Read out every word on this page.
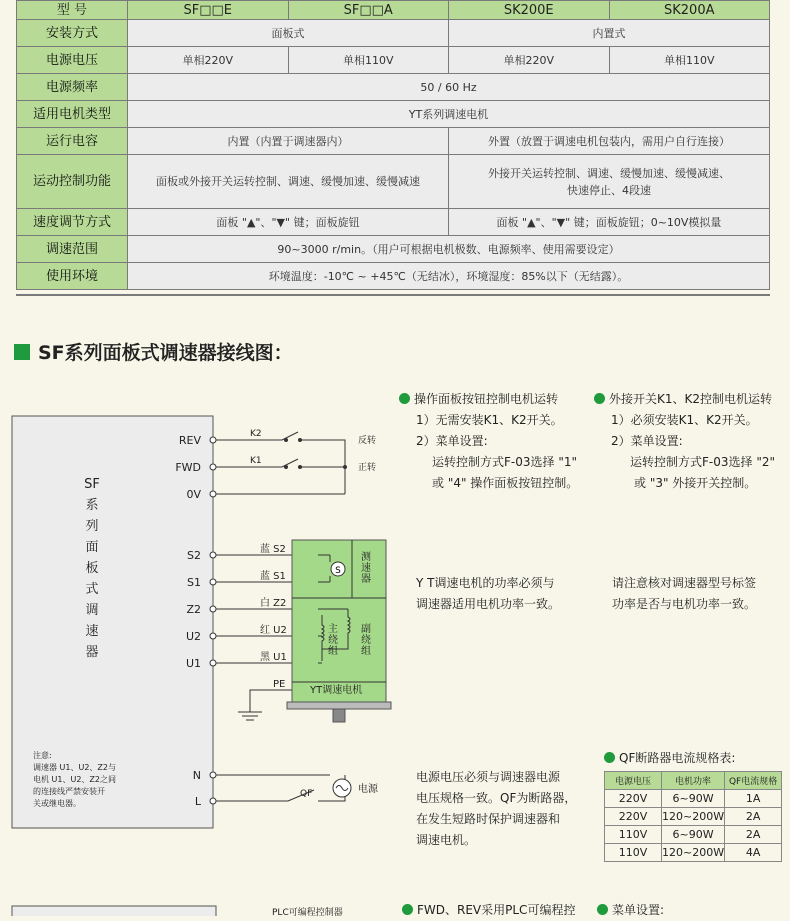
型 号	SF□□E	SF□□A	SK200E	SK200A
安装方式	面板式		内置式	
电源电压	单相220V	单相110V	单相220V	单相110V
电源频率	50 / 60 Hz			
适用电机类型	YT系列调速电机			
运行电容	内置（内置于调速器内）		外置（放置于调速电机包装内，需用户自行连接）	
运动控制功能	面板或外接开关运转控制、调速、缓慢加速、缓慢减速		外接开关运转控制、调速、缓慢加速、缓慢减速、
快速停止、4段速	

速度调节方式	面板 "▲"、"▼" 键；面板旋钮		面板 "▲"、"▼" 键；面板旋钮；0~10V模拟量	
调速范围	90~3000 r/min。（用户可根据电机极数、电源频率、使用需要设定）			
使用环境	环境温度：-10℃ ~ +45℃（无结冰），环境湿度：85%以下（无结露）。			
SF系列面板式调速器接线图：
SF
系
列
面
板
式
调
速
器
注意:
调速器 U1、U2、Z2与
电机 U1、U2、Z2之间
的连接线严禁安装开
关或继电器。
REV
FWD
0V
S2
S1
Z2
U2
U1
N
L
K2
K1
QF
反转
正转
电源
S
测
速
器
主
绕
组
副
绕
组
YT调速电机
蓝 S2
蓝 S1
白 Z2
红 U2
黑 U1
PE
PLC可编程控制器
操作面板按钮控制电机运转
1）无需安装K1、K2开关。
2）菜单设置:
运转控制方式F-03选择 "1"
或 "4" 操作面板按钮控制。
外接开关K1、K2控制电机运转
1）必须安装K1、K2开关。
2）菜单设置:
运转控制方式F-03选择 "2"
或 "3" 外接开关控制。
Y T调速电机的功率必须与
调速器适用电机功率一致。
请注意核对调速器型号标签
功率是否与电机功率一致。
电源电压必须与调速器电源
电压规格一致。QF为断路器，
在发生短路时保护调速器和
调速电机。
QF断路器电流规格表:
电源电压	电机功率	QF电流规格
220V	6~90W	1A
220V	120~200W	2A
110V	6~90W	2A
110V	120~200W	4A
FWD、REV采用PLC可编程控	菜单设置:
